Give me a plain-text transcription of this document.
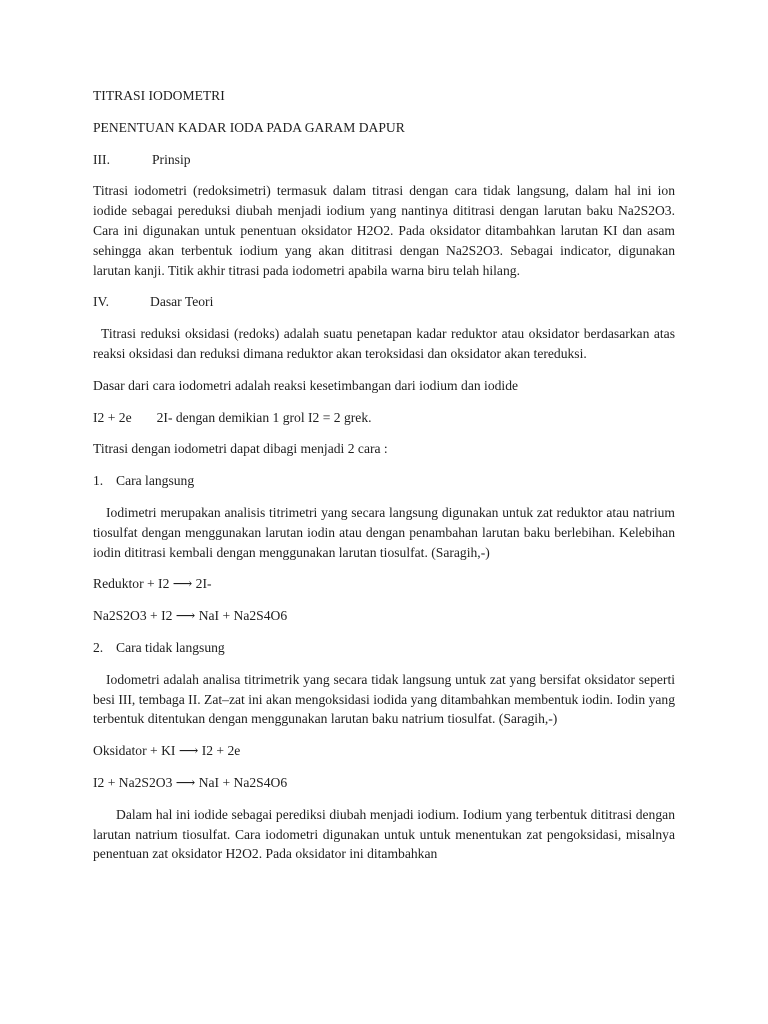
TITRASI IODOMETRI

PENENTUAN KADAR IODA PADA GARAM DAPUR

III.	Prinsip

Titrasi iodometri (redoksimetri) termasuk dalam titrasi dengan cara tidak langsung, dalam hal ini ion iodide sebagai pereduksi diubah menjadi iodium yang nantinya dititrasi dengan larutan baku Na2S2O3. Cara ini digunakan untuk penentuan oksidator H2O2. Pada oksidator ditambahkan larutan KI dan asam sehingga akan terbentuk iodium yang akan dititrasi dengan Na2S2O3. Sebagai indicator, digunakan larutan kanji. Titik akhir titrasi pada iodometri apabila warna biru telah hilang.

IV.	Dasar Teori

Titrasi reduksi oksidasi (redoks) adalah suatu penetapan kadar reduktor atau oksidator berdasarkan atas reaksi oksidasi dan reduksi dimana reduktor akan teroksidasi dan oksidator akan tereduksi.

Dasar dari cara iodometri adalah reaksi kesetimbangan dari iodium dan iodide

I2 + 2e 2I- dengan demikian 1 grol I2 = 2 grek.

Titrasi dengan iodometri dapat dibagi menjadi 2 cara :

1. Cara langsung

Iodimetri merupakan analisis titrimetri yang secara langsung digunakan untuk zat reduktor atau natrium tiosulfat dengan menggunakan larutan iodin atau dengan penambahan larutan baku berlebihan. Kelebihan iodin dititrasi kembali dengan menggunakan larutan tiosulfat. (Saragih,-)

Reduktor + I2 ⟶ 2I-

Na2S2O3 + I2 ⟶ NaI + Na2S4O6

2. Cara tidak langsung

Iodometri adalah analisa titrimetrik yang secara tidak langsung untuk zat yang bersifat oksidator seperti besi III, tembaga II. Zat–zat ini akan mengoksidasi iodida yang ditambahkan membentuk iodin. Iodin yang terbentuk ditentukan dengan menggunakan larutan baku natrium tiosulfat. (Saragih,-)

Oksidator + KI ⟶ I2 + 2e

I2 + Na2S2O3 ⟶ NaI + Na2S4O6

Dalam hal ini iodide sebagai perediksi diubah menjadi iodium. Iodium yang terbentuk dititrasi dengan larutan natrium tiosulfat. Cara iodometri digunakan untuk untuk menentukan zat pengoksidasi, misalnya penentuan zat oksidator H2O2. Pada oksidator ini ditambahkan
